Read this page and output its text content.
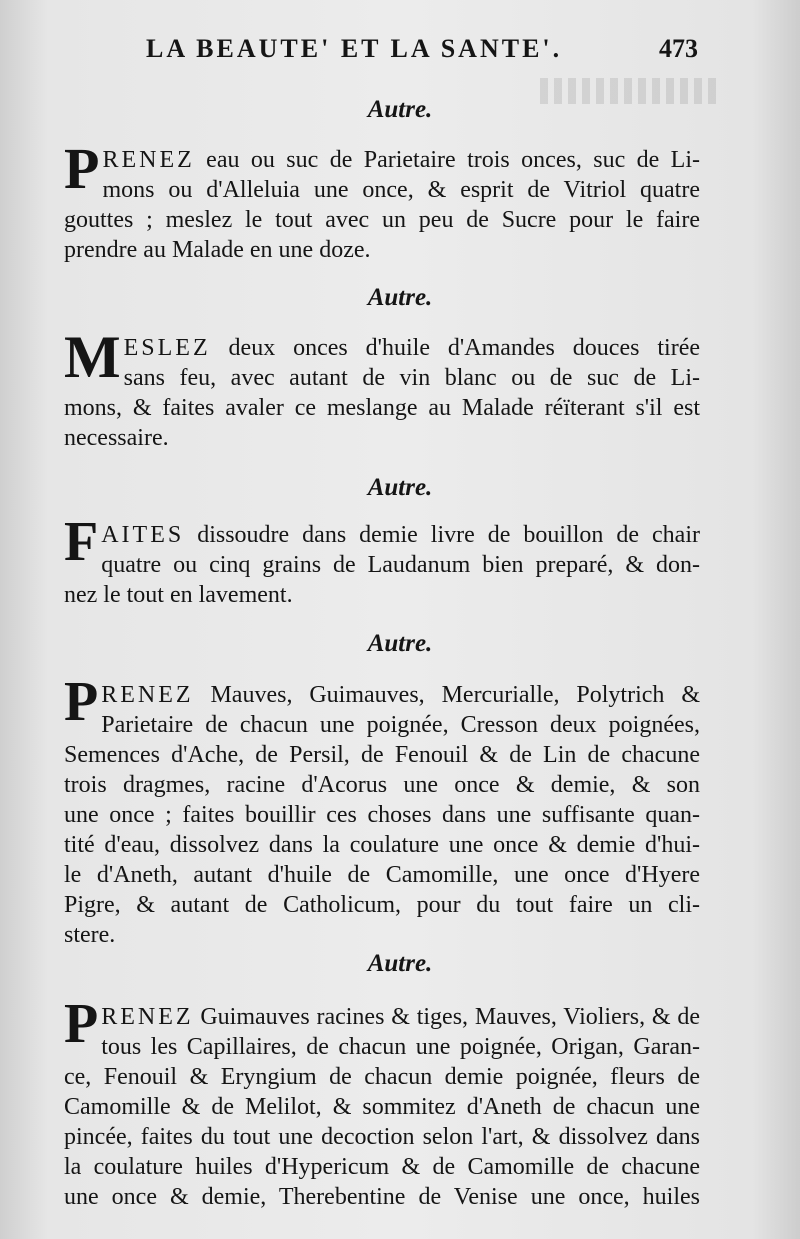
LA BEAUTE' ET LA SANTE'.	473
Autre.
P RENEZ eau ou suc de Parietaire trois onces, suc de Li-
mons ou d'Alleluia une once, & esprit de Vitriol quatre
gouttes ; meslez le tout avec un peu de Sucre pour le faire
prendre au Malade en une doze.
Autre.
M ESLEZ deux onces d'huile d'Amandes douces tirée
sans feu, avec autant de vin blanc ou de suc de Li-
mons, & faites avaler ce meslange au Malade réïterant s'il est
necessaire.
Autre.
F AITES dissoudre dans demie livre de bouillon de chair
quatre ou cinq grains de Laudanum bien preparé, & don-
nez le tout en lavement.
Autre.
P RENEZ Mauves, Guimauves, Mercurialle, Polytrich &
Parietaire de chacun une poignée, Cresson deux poignées,
Semences d'Ache, de Persil, de Fenouil & de Lin de chacune
trois dragmes, racine d'Acorus une once & demie, & son
une once ; faites bouillir ces choses dans une suffisante quan-
tité d'eau, dissolvez dans la coulature une once & demie d'hui-
le d'Aneth, autant d'huile de Camomille, une once d'Hyere
Pigre, & autant de Catholicum, pour du tout faire un cli-
stere.
Autre.
P RENEZ Guimauves racines & tiges, Mauves, Violiers, & de
tous les Capillaires, de chacun une poignée, Origan, Garan-
ce, Fenouil & Eryngium de chacun demie poignée, fleurs de
Camomille & de Melilot, & sommitez d'Aneth de chacun une
pincée, faites du tout une decoction selon l'art, & dissolvez dans
la coulature huiles d'Hypericum & de Camomille de chacune
une once & demie, Therebentine de Venise une once, huiles
